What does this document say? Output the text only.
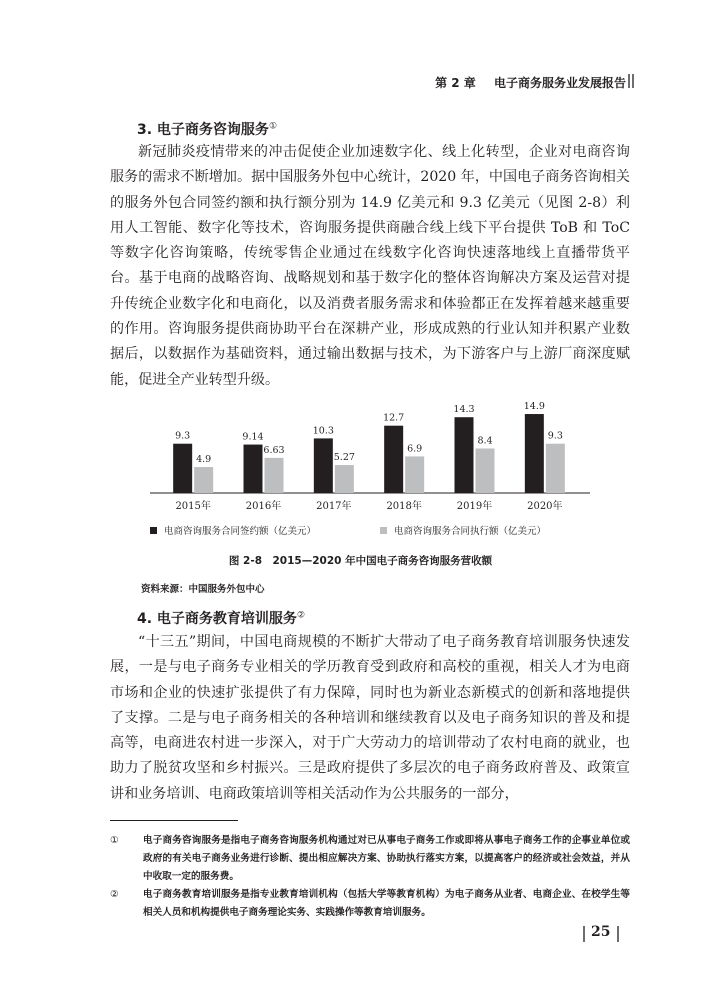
第 2 章 电子商务服务业发展报告
3. 电子商务咨询服务①

新冠肺炎疫情带来的冲击促使企业加速数字化、线上化转型，企业对电商咨询服务的需求不断增加。据中国服务外包中心统计，2020 年，中国电子商务咨询相关的服务外包合同签约额和执行额分别为 14.9 亿美元和 9.3 亿美元（见图 2-8）利用人工智能、数字化等技术，咨询服务提供商融合线上线下平台提供 ToB 和 ToC 等数字化咨询策略，传统零售企业通过在线数字化咨询快速落地线上直播带货平台。基于电商的战略咨询、战略规划和基于数字化的整体咨询解决方案及运营对提升传统企业数字化和电商化，以及消费者服务需求和体验都正在发挥着越来越重要的作用。咨询服务提供商协助平台在深耕产业，形成成熟的行业认知并积累产业数据后，以数据作为基础资料，通过输出数据与技术，为下游客户与上游厂商深度赋能，促进全产业转型升级。

9.3
4.9
2015年
9.14
6.63
2016年
10.3
5.27
2017年
12.7
6.9
2018年
14.3
8.4
2019年
14.9
9.3
2020年
电商咨询服务合同签约额（亿美元）	电商咨询服务合同执行额（亿美元）
图 2-8　2015—2020 年中国电子商务咨询服务营收额
资料来源：中国服务外包中心
4. 电子商务教育培训服务②

“十三五”期间，中国电商规模的不断扩大带动了电子商务教育培训服务快速发展，一是与电子商务专业相关的学历教育受到政府和高校的重视，相关人才为电商市场和企业的快速扩张提供了有力保障，同时也为新业态新模式的创新和落地提供了支撑。二是与电子商务相关的各种培训和继续教育以及电子商务知识的普及和提高等，电商进农村进一步深入，对于广大劳动力的培训带动了农村电商的就业，也助力了脱贫攻坚和乡村振兴。三是政府提供了多层次的电子商务政府普及、政策宣讲和业务培训、电商政策培训等相关活动作为公共服务的一部分，

①	电子商务咨询服务是指电子商务咨询服务机构通过对已从事电子商务工作或即将从事电子商务工作的企事业单位或政府的有关电子商务业务进行诊断、提出相应解决方案、协助执行落实方案，以提高客户的经济或社会效益，并从中收取一定的服务费。
②	电子商务教育培训服务是指专业教育培训机构（包括大学等教育机构）为电子商务从业者、电商企业、在校学生等相关人员和机构提供电子商务理论实务、实践操作等教育培训服务。
25
